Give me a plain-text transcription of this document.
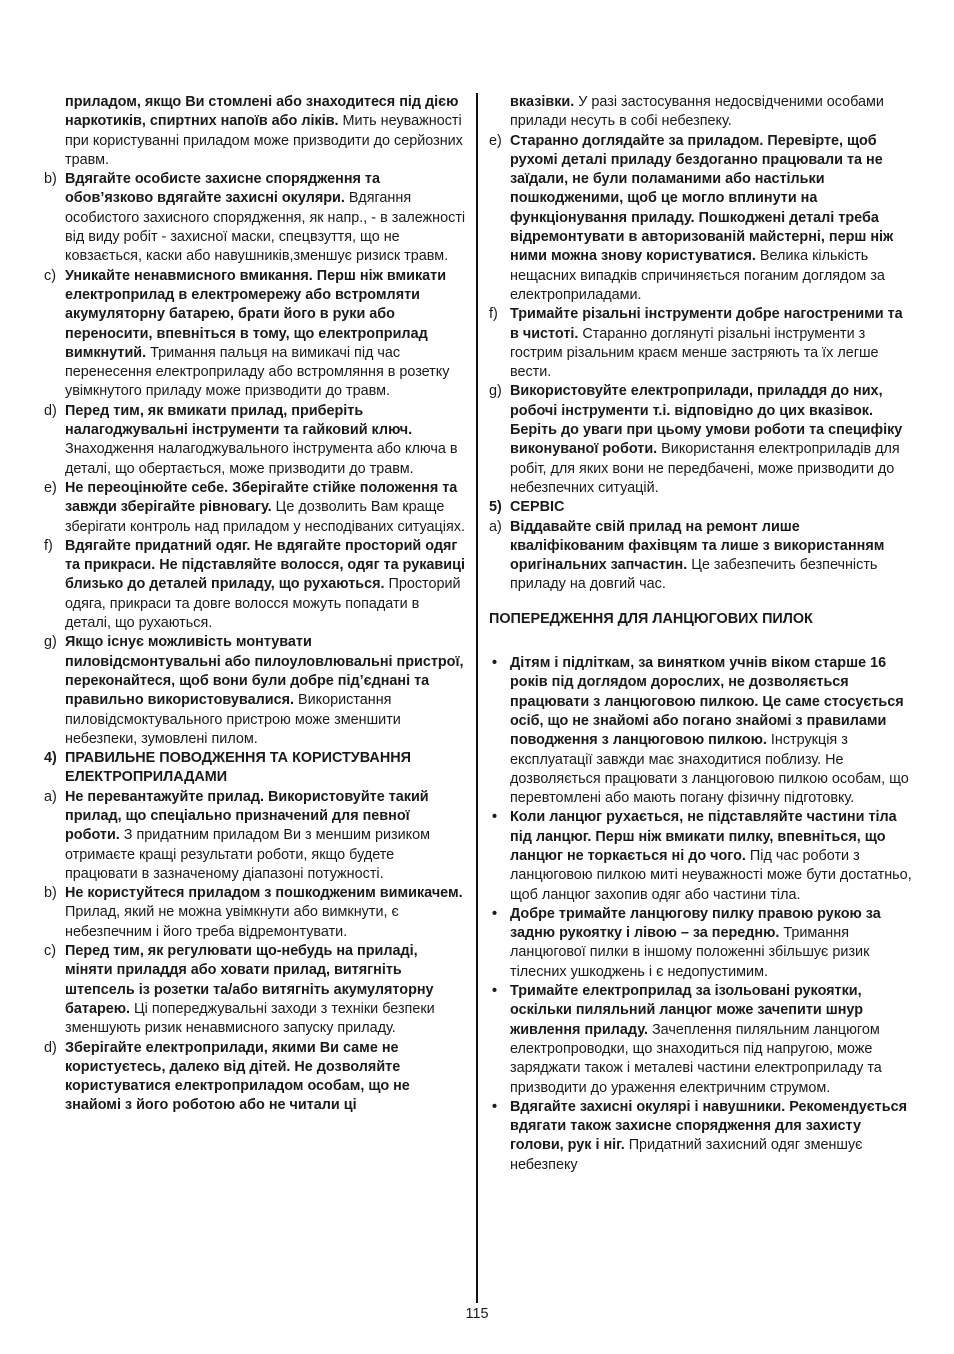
приладом, якщо Ви стомлені або знаходитеся під дією наркотиків, спиртних напоїв або ліків. Мить неуважності при користуванні приладом може призводити до серйозних травм.

b) Вдягайте особисте захисне спорядження та обов’язково вдягайте захисні окуляри. Вдягання особистого захисного спорядження, як напр., - в залежності від виду робіт - захисної маски, спецвзуття, що не ковзається, каски або навушників,зменшує ризиск травм.

c) Уникайте ненавмисного вмикання. Перш ніж вмикати електроприлад в електромережу або встромляти акумуляторну батарею, брати його в руки або переносити, впевніться в тому, що електроприлад вимкнутий. Тримання пальця на вимикачі під час перенесення електроприладу або встромляння в розетку увімкнутого приладу може призводити до травм.

d) Перед тим, як вмикати прилад, приберіть налагоджувальні інструменти та гайковий ключ. Знаходження налагоджувального інструмента або ключа в деталі, що обертається, може призводити до травм.

e) Не переоцінюйте себе. Зберігайте стійке положення та завжди зберігайте рівновагу. Це дозволить Вам краще зберігати контроль над приладом у несподіваних ситуаціях.

f) Вдягайте придатний одяг. Не вдягайте просторий одяг та прикраси. Не підставляйте волосся, одяг та рукавиці близько до деталей приладу, що рухаються. Просторий одяга, прикраси та довге волосся можуть попадати в деталі, що рухаються.

g) Якщо існує можливість монтувати пиловідсмонтувальні або пилоуловлювальні пристрої, переконайтеся, щоб вони були добре під’єднані та правильно використовувалися. Використання пиловідсмоктувального пристрою може зменшити небезпеки, зумовлені пилом.

4) ПРАВИЛЬНЕ ПОВОДЖЕННЯ ТА КОРИСТУВАННЯ ЕЛЕКТРОПРИЛАДАМИ

a) Не перевантажуйте прилад. Використовуйте такий прилад, що спеціально призначений для певної роботи. З придатним приладом Ви з меншим ризиком отримаєте кращі результати роботи, якщо будете працювати в зазначеному діапазоні потужності.

b) Не користуйтеся приладом з пошкодженим вимикачем. Прилад, який не можна увімкнути або вимкнути, є небезпечним і його треба відремонтувати.

c) Перед тим, як регулювати що-небудь на приладі, міняти приладдя або ховати прилад, витягніть штепсель із розетки та/або витягніть акумуляторну батарею. Ці попереджувальні заходи з техніки безпеки зменшують ризик ненавмисного запуску приладу.

d) Зберігайте електроприлади, якими Ви саме не користуєтесь, далеко від дітей. Не дозволяйте користуватися електроприладом особам, що не знайомі з його роботою або не читали ці

вказівки. У разі застосування недосвідченими особами прилади несуть в собі небезпеку.

e) Старанно доглядайте за приладом. Перевірте, щоб рухомі деталі приладу бездоганно працювали та не заїдали, не були поламаними або настільки пошкодженими, щоб це могло вплинути на функціонування приладу. Пошкоджені деталі треба відремонтувати в авторизованій майстерні, перш ніж ними можна знову користуватися. Велика кількість нещасних випадків спричиняється поганим доглядом за електроприладами.

f) Тримайте різальні інструменти добре нагостреними та в чистоті. Старанно доглянуті різальні інструменти з гострим різальним краєм менше застряють та їх легше вести.

g) Використовуйте електроприлади, приладдя до них, робочі інструменти т.і. відповідно до цих вказівок. Беріть до уваги при цьому умови роботи та специфіку виконуваної роботи. Використання електроприладів для робіт, для яких вони не передбачені, може призводити до небезпечних ситуацій.

5) СЕРВІС

a) Віддавайте свій прилад на ремонт лише кваліфікованим фахівцям та лише з використанням оригінальних запчастин. Це забезпечить безпечність приладу на довгий час.

ПОПЕРЕДЖЕННЯ ДЛЯ ЛАНЦЮГОВИХ ПИЛОК

• Дітям і підліткам, за винятком учнів віком старше 16 років під доглядом дорослих, не дозволяється працювати з ланцюговою пилкою. Це саме стосується осіб, що не знайомі або погано знайомі з правилами поводження з ланцюговою пилкою. Інструкція з експлуатації завжди має знаходитися поблизу. Не дозволяється працювати з ланцюговою пилкою особам, що перевтомлені або мають погану фізичну підготовку.

• Коли ланцюг рухається, не підставляйте частини тіла під ланцюг. Перш ніж вмикати пилку, впевніться, що ланцюг не торкається ні до чого. Під час роботи з ланцюговою пилкою миті неуважності може бути достатньо, щоб ланцюг захопив одяг або частини тіла.

• Добре тримайте ланцюгову пилку правою рукою за задню рукоятку і лівою – за передню. Тримання ланцюгової пилки в іншому положенні збільшує ризик тілесних ушкоджень і є недопустимим.

• Тримайте електроприлад за ізольовані рукоятки, оскільки пиляльний ланцюг може зачепити шнур живлення приладу. Зачеплення пиляльним ланцюгом електропроводки, що знаходиться під напругою, може заряджати також і металеві частини електроприладу та призводити до ураження електричним струмом.

• Вдягайте захисні окулярі і навушники. Рекомендується вдягати також захисне спорядження для захисту голови, рук і ніг. Придатний захисний одяг зменшує небезпеку

115
